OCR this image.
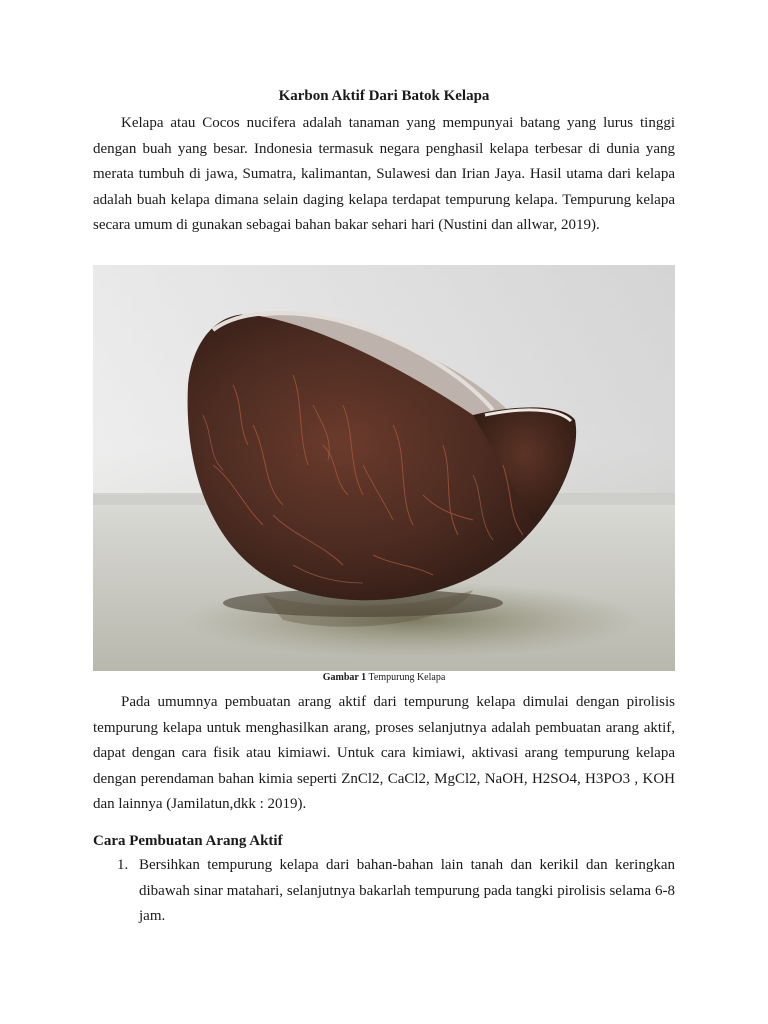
Karbon Aktif Dari Batok Kelapa

Kelapa atau Cocos nucifera adalah tanaman yang mempunyai batang yang lurus tinggi dengan buah yang besar. Indonesia termasuk negara penghasil kelapa terbesar di dunia yang merata tumbuh di jawa, Sumatra, kalimantan, Sulawesi dan Irian Jaya. Hasil utama dari kelapa adalah buah kelapa dimana selain daging kelapa terdapat tempurung kelapa. Tempurung kelapa secara umum di gunakan sebagai bahan bakar sehari hari (Nustini dan allwar, 2019).

Gambar 1 Tempurung Kelapa

Pada umumnya pembuatan arang aktif dari tempurung kelapa dimulai dengan pirolisis tempurung kelapa untuk menghasilkan arang, proses selanjutnya adalah pembuatan arang aktif, dapat dengan cara fisik atau kimiawi. Untuk cara kimiawi, aktivasi arang tempurung kelapa dengan perendaman bahan kimia seperti ZnCl2, CaCl2, MgCl2, NaOH, H2SO4, H3PO3 , KOH dan lainnya (Jamilatun,dkk : 2019).

Cara Pembuatan Arang Aktif
1. Bersihkan tempurung kelapa dari bahan-bahan lain tanah dan kerikil dan keringkan dibawah sinar matahari, selanjutnya bakarlah tempurung pada tangki pirolisis selama 6-8 jam.
